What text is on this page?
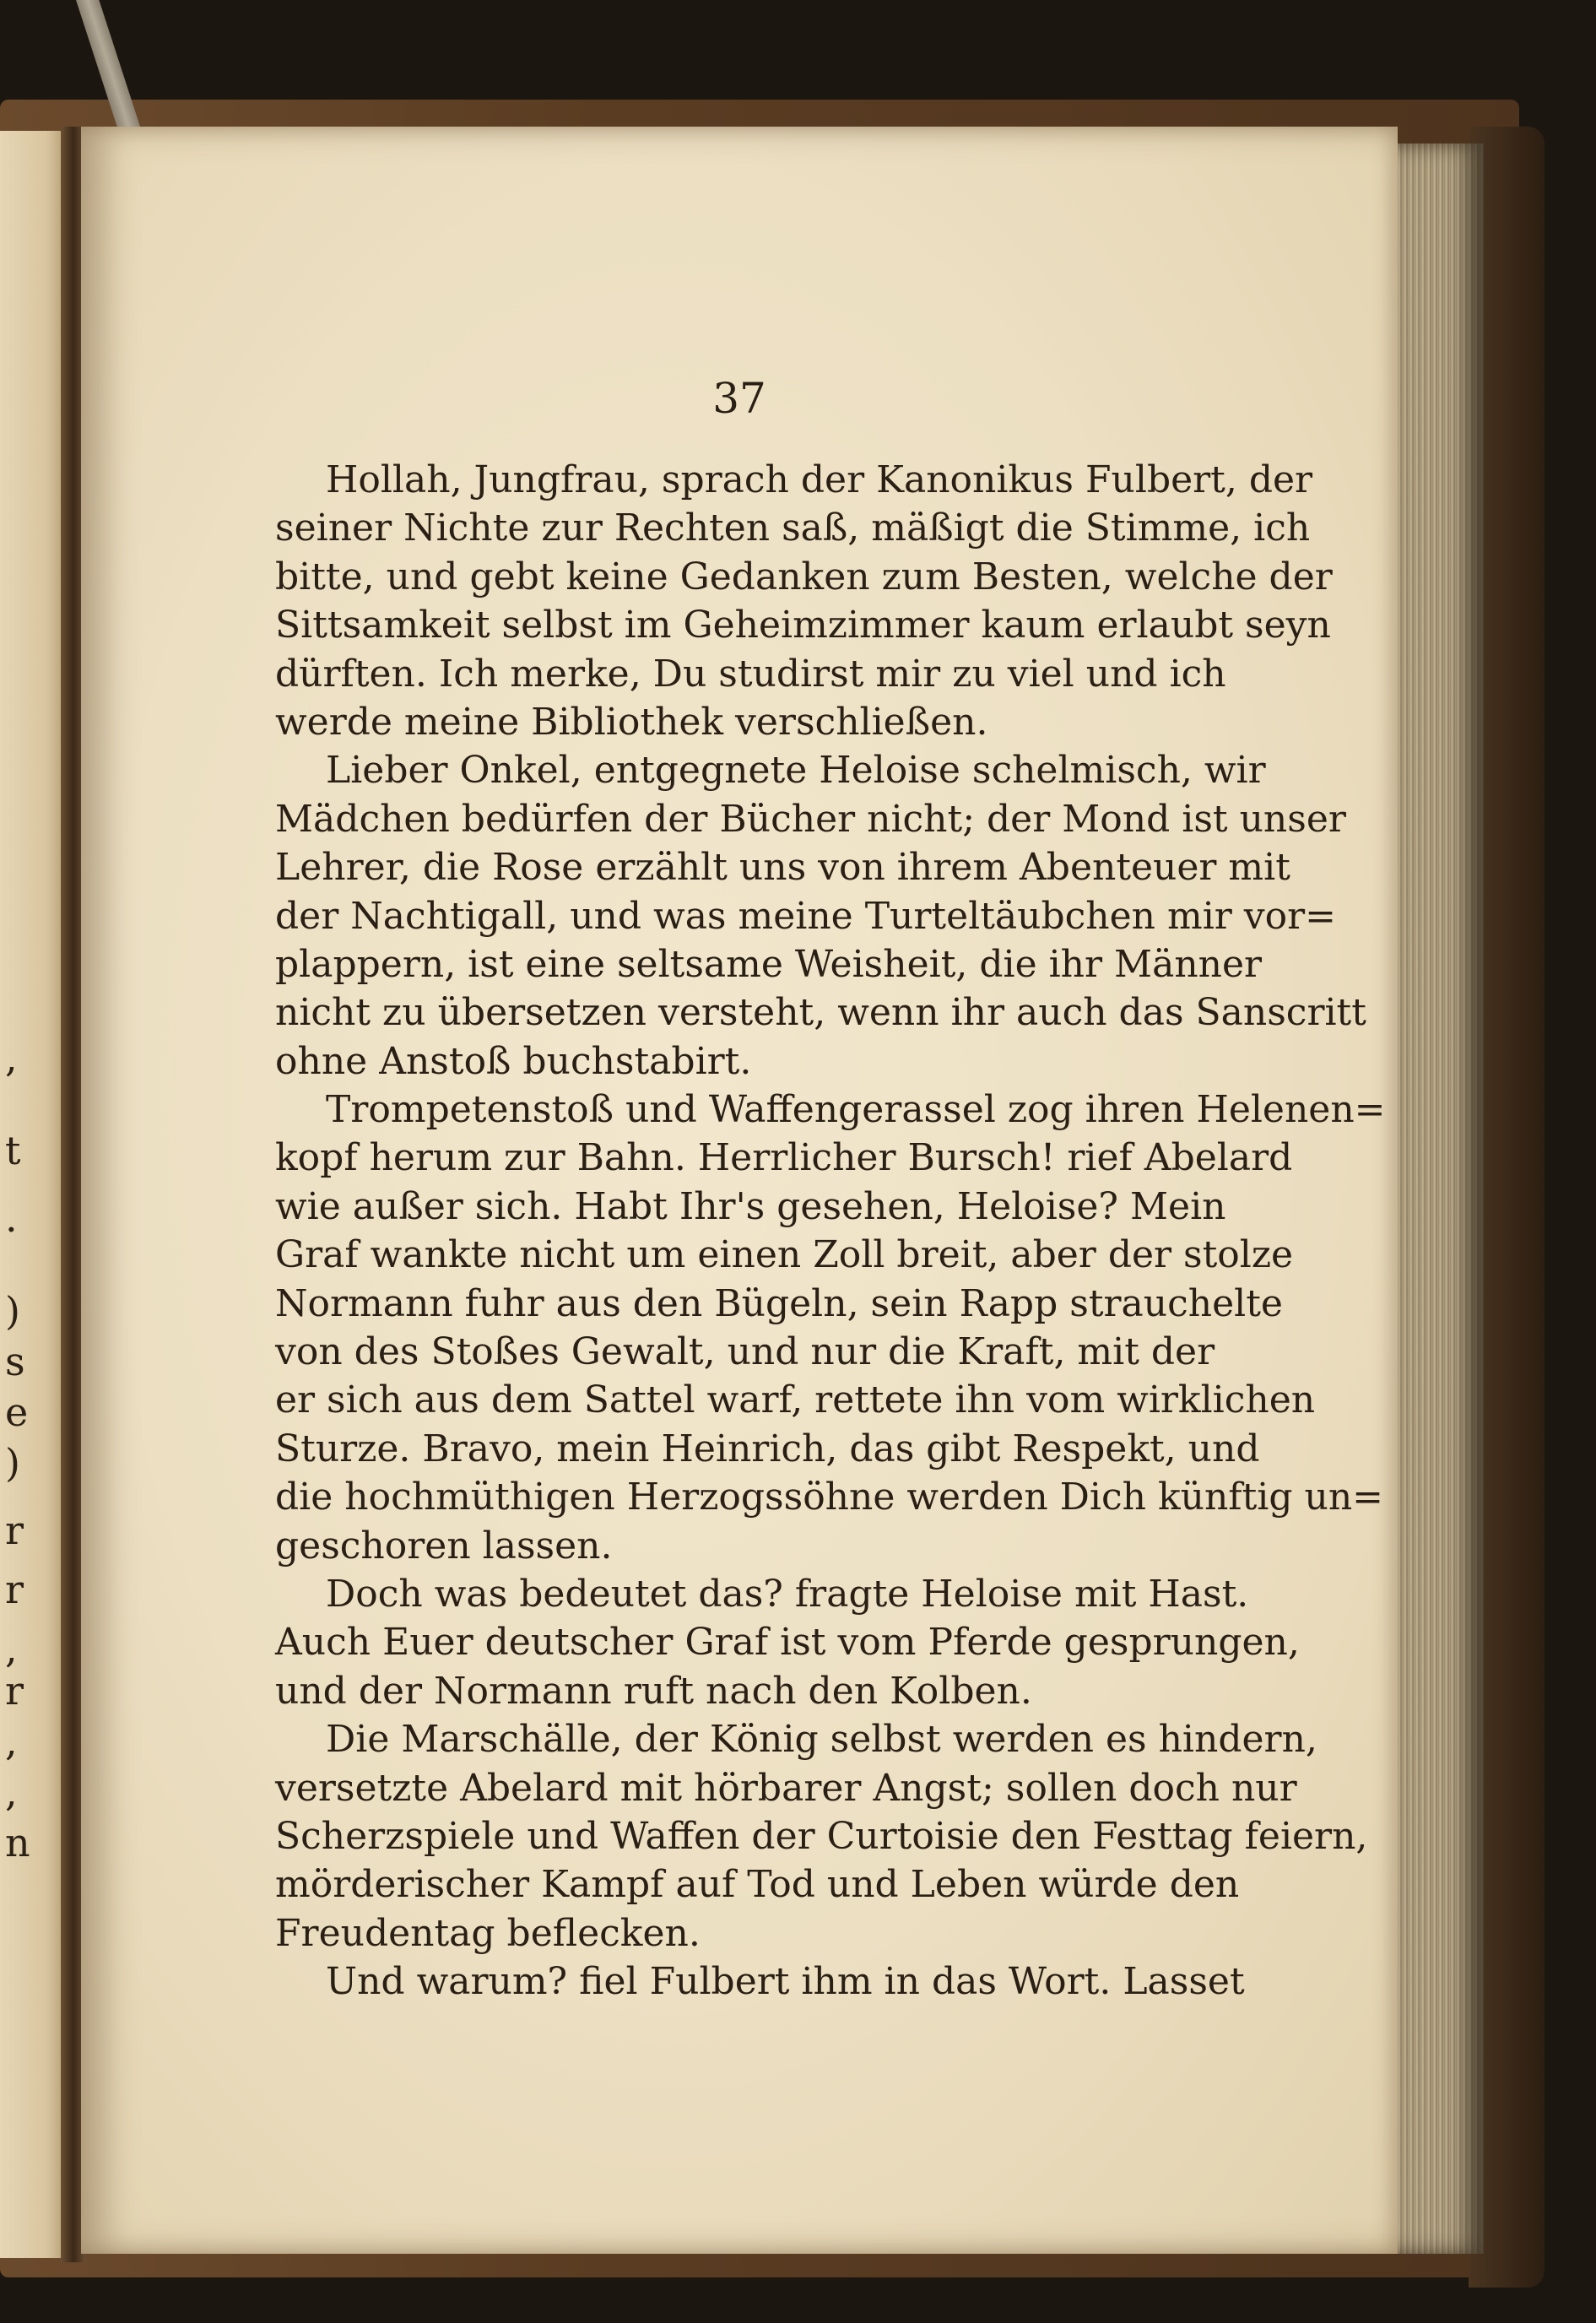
,
t
.
)
s
e
)
r
r
,
r
,
,
n
37
Hollah, Jungfrau, sprach der Kanonikus Fulbert, der
seiner Nichte zur Rechten saß, mäßigt die Stimme, ich
bitte, und gebt keine Gedanken zum Besten, welche der
Sittsamkeit selbst im Geheimzimmer kaum erlaubt seyn
dürften. Ich merke, Du studirst mir zu viel und ich
werde meine Bibliothek verschließen.
Lieber Onkel, entgegnete Heloise schelmisch, wir
Mädchen bedürfen der Bücher nicht; der Mond ist unser
Lehrer, die Rose erzählt uns von ihrem Abenteuer mit
der Nachtigall, und was meine Turteltäubchen mir vor=
plappern, ist eine seltsame Weisheit, die ihr Männer
nicht zu übersetzen versteht, wenn ihr auch das Sanscritt
ohne Anstoß buchstabirt.
Trompetenstoß und Waffengerassel zog ihren Helenen=
kopf herum zur Bahn. Herrlicher Bursch! rief Abelard
wie außer sich. Habt Ihr's gesehen, Heloise? Mein
Graf wankte nicht um einen Zoll breit, aber der stolze
Normann fuhr aus den Bügeln, sein Rapp strauchelte
von des Stoßes Gewalt, und nur die Kraft, mit der
er sich aus dem Sattel warf, rettete ihn vom wirklichen
Sturze. Bravo, mein Heinrich, das gibt Respekt, und
die hochmüthigen Herzogssöhne werden Dich künftig un=
geschoren lassen.
Doch was bedeutet das? fragte Heloise mit Hast.
Auch Euer deutscher Graf ist vom Pferde gesprungen,
und der Normann ruft nach den Kolben.
Die Marschälle, der König selbst werden es hindern,
versetzte Abelard mit hörbarer Angst; sollen doch nur
Scherzspiele und Waffen der Curtoisie den Festtag feiern,
mörderischer Kampf auf Tod und Leben würde den
Freudentag beflecken.
Und warum? fiel Fulbert ihm in das Wort. Lasset
